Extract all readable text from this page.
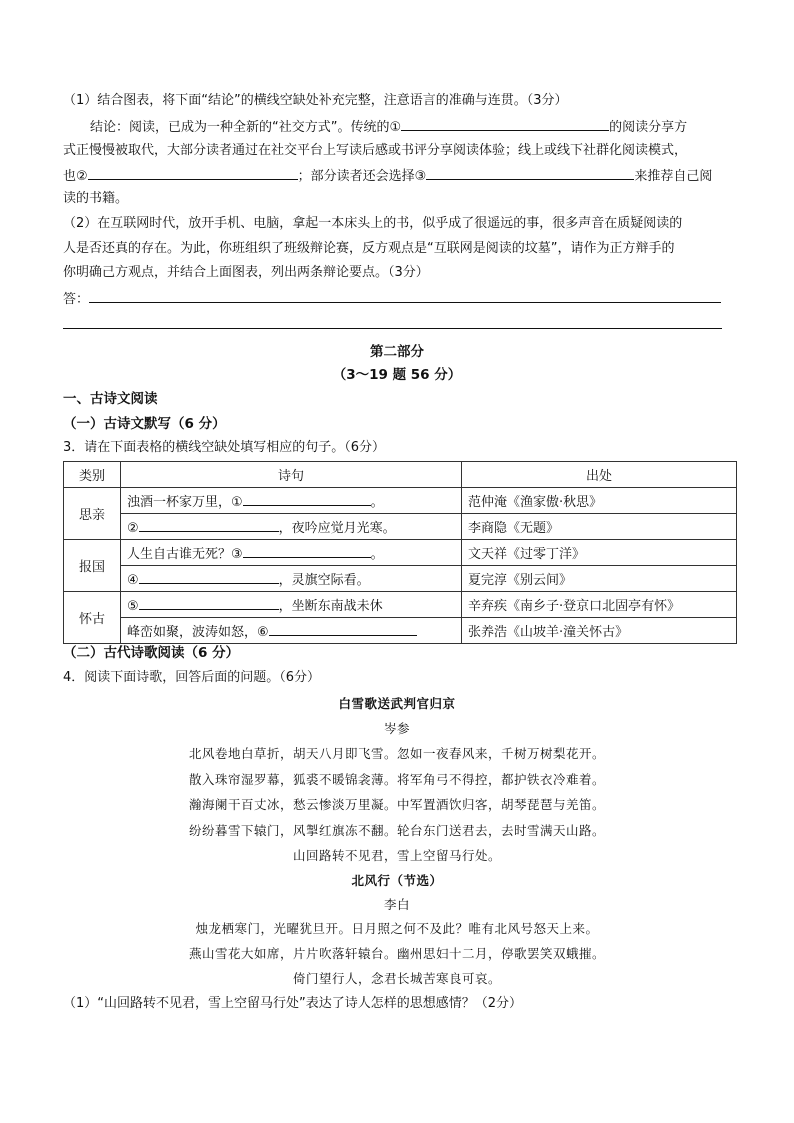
（1）结合图表，将下面“结论”的横线空缺处补充完整，注意语言的准确与连贯。（3分）
结论：阅读，已成为一种全新的“社交方式”。传统的①	的阅读分享方
式正慢慢被取代，大部分读者通过在社交平台上写读后感或书评分享阅读体验；线上或线下社群化阅读模式，
也②	；部分读者还会选择③	来推荐自己阅
读的书籍。
（2）在互联网时代，放开手机、电脑，拿起一本床头上的书，似乎成了很遥远的事，很多声音在质疑阅读的
人是否还真的存在。为此，你班组织了班级辩论赛，反方观点是“互联网是阅读的坟墓”，请作为正方辩手的
你明确己方观点，并结合上面图表，列出两条辩论要点。（3分）
答：
第二部分
（3～19 题 56 分）
一、古诗文阅读
（一）古诗文默写（6 分）
3．请在下面表格的横线空缺处填写相应的句子。（6分）
类别	诗句	出处
思亲	浊酒一杯家万里，① 。	范仲淹《渔家傲·秋思》
	② ，夜吟应觉月光寒。	李商隐《无题》
报国	人生自古谁无死？③ 。	文天祥《过零丁洋》
	④ ，灵旗空际看。	夏完淳《别云间》
怀古	⑤ ，坐断东南战未休	辛弃疾《南乡子·登京口北固亭有怀》
	峰峦如聚，波涛如怒，⑥	张养浩《山坡羊·潼关怀古》
（二）古代诗歌阅读（6 分）
4．阅读下面诗歌，回答后面的问题。（6分）
白雪歌送武判官归京
岑参
北风卷地白草折，胡天八月即飞雪。忽如一夜春风来，千树万树梨花开。
散入珠帘湿罗幕，狐裘不暖锦衾薄。将军角弓不得控，都护铁衣冷难着。
瀚海阑干百丈冰，愁云惨淡万里凝。中军置酒饮归客，胡琴琵琶与羌笛。
纷纷暮雪下辕门，风掣红旗冻不翻。轮台东门送君去，去时雪满天山路。
山回路转不见君，雪上空留马行处。
北风行（节选）
李白
烛龙栖寒门，光曜犹旦开。日月照之何不及此？唯有北风号怒天上来。
燕山雪花大如席，片片吹落轩辕台。幽州思妇十二月，停歌罢笑双蛾摧。
倚门望行人，念君长城苦寒良可哀。
（1）“山回路转不见君，雪上空留马行处”表达了诗人怎样的思想感情？（2分）
